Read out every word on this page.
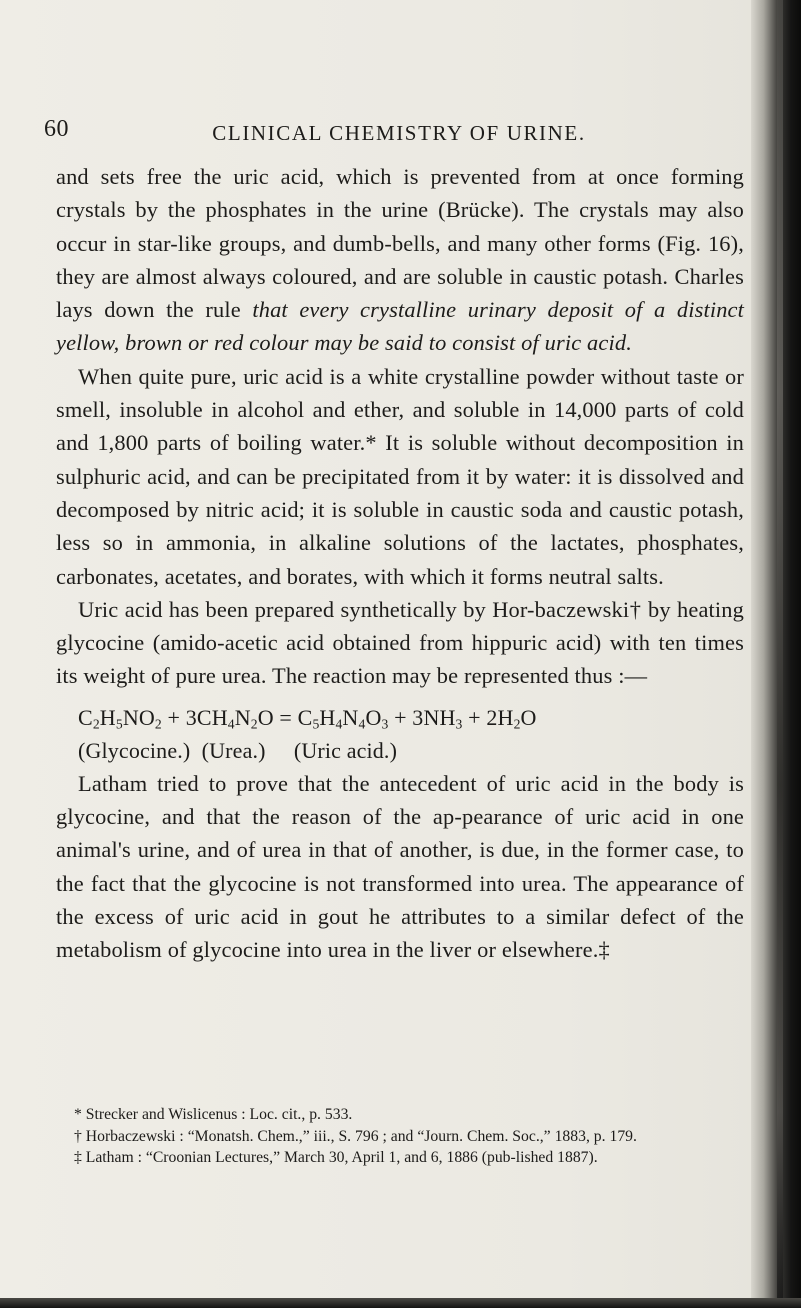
60	CLINICAL CHEMISTRY OF URINE.

and sets free the uric acid, which is prevented from at once forming crystals by the phosphates in the urine (Brücke). The crystals may also occur in star-like groups, and dumb-bells, and many other forms (Fig. 16), they are almost always coloured, and are soluble in caustic potash. Charles lays down the rule that every crystalline urinary deposit of a distinct yellow, brown or red colour may be said to consist of uric acid.

When quite pure, uric acid is a white crystalline powder without taste or smell, insoluble in alcohol and ether, and soluble in 14,000 parts of cold and 1,800 parts of boiling water.* It is soluble without decomposition in sulphuric acid, and can be precipitated from it by water: it is dissolved and decomposed by nitric acid; it is soluble in caustic soda and caustic potash, less so in ammonia, in alkaline solutions of the lactates, phosphates, carbonates, acetates, and borates, with which it forms neutral salts.

Uric acid has been prepared synthetically by Hor-baczewski† by heating glycocine (amido-acetic acid obtained from hippuric acid) with ten times its weight of pure urea. The reaction may be represented thus :—

$C_2H_5NO_2 + 3CH_4N_2O = C_5H_4N_4O_3 + 3NH_3 + 2H_2O$
(Glycocine.) (Urea.) (Uric acid.)

Latham tried to prove that the antecedent of uric acid in the body is glycocine, and that the reason of the ap-pearance of uric acid in one animal's urine, and of urea in that of another, is due, in the former case, to the fact that the glycocine is not transformed into urea. The appearance of the excess of uric acid in gout he attributes to a similar defect of the metabolism of glycocine into urea in the liver or elsewhere.‡

* Strecker and Wislicenus : Loc. cit., p. 533.

† Horbaczewski : “Monatsh. Chem.,” iii., S. 796 ; and “Journ. Chem. Soc.,” 1883, p. 179.

‡ Latham : “Croonian Lectures,” March 30, April 1, and 6, 1886 (pub-lished 1887).
